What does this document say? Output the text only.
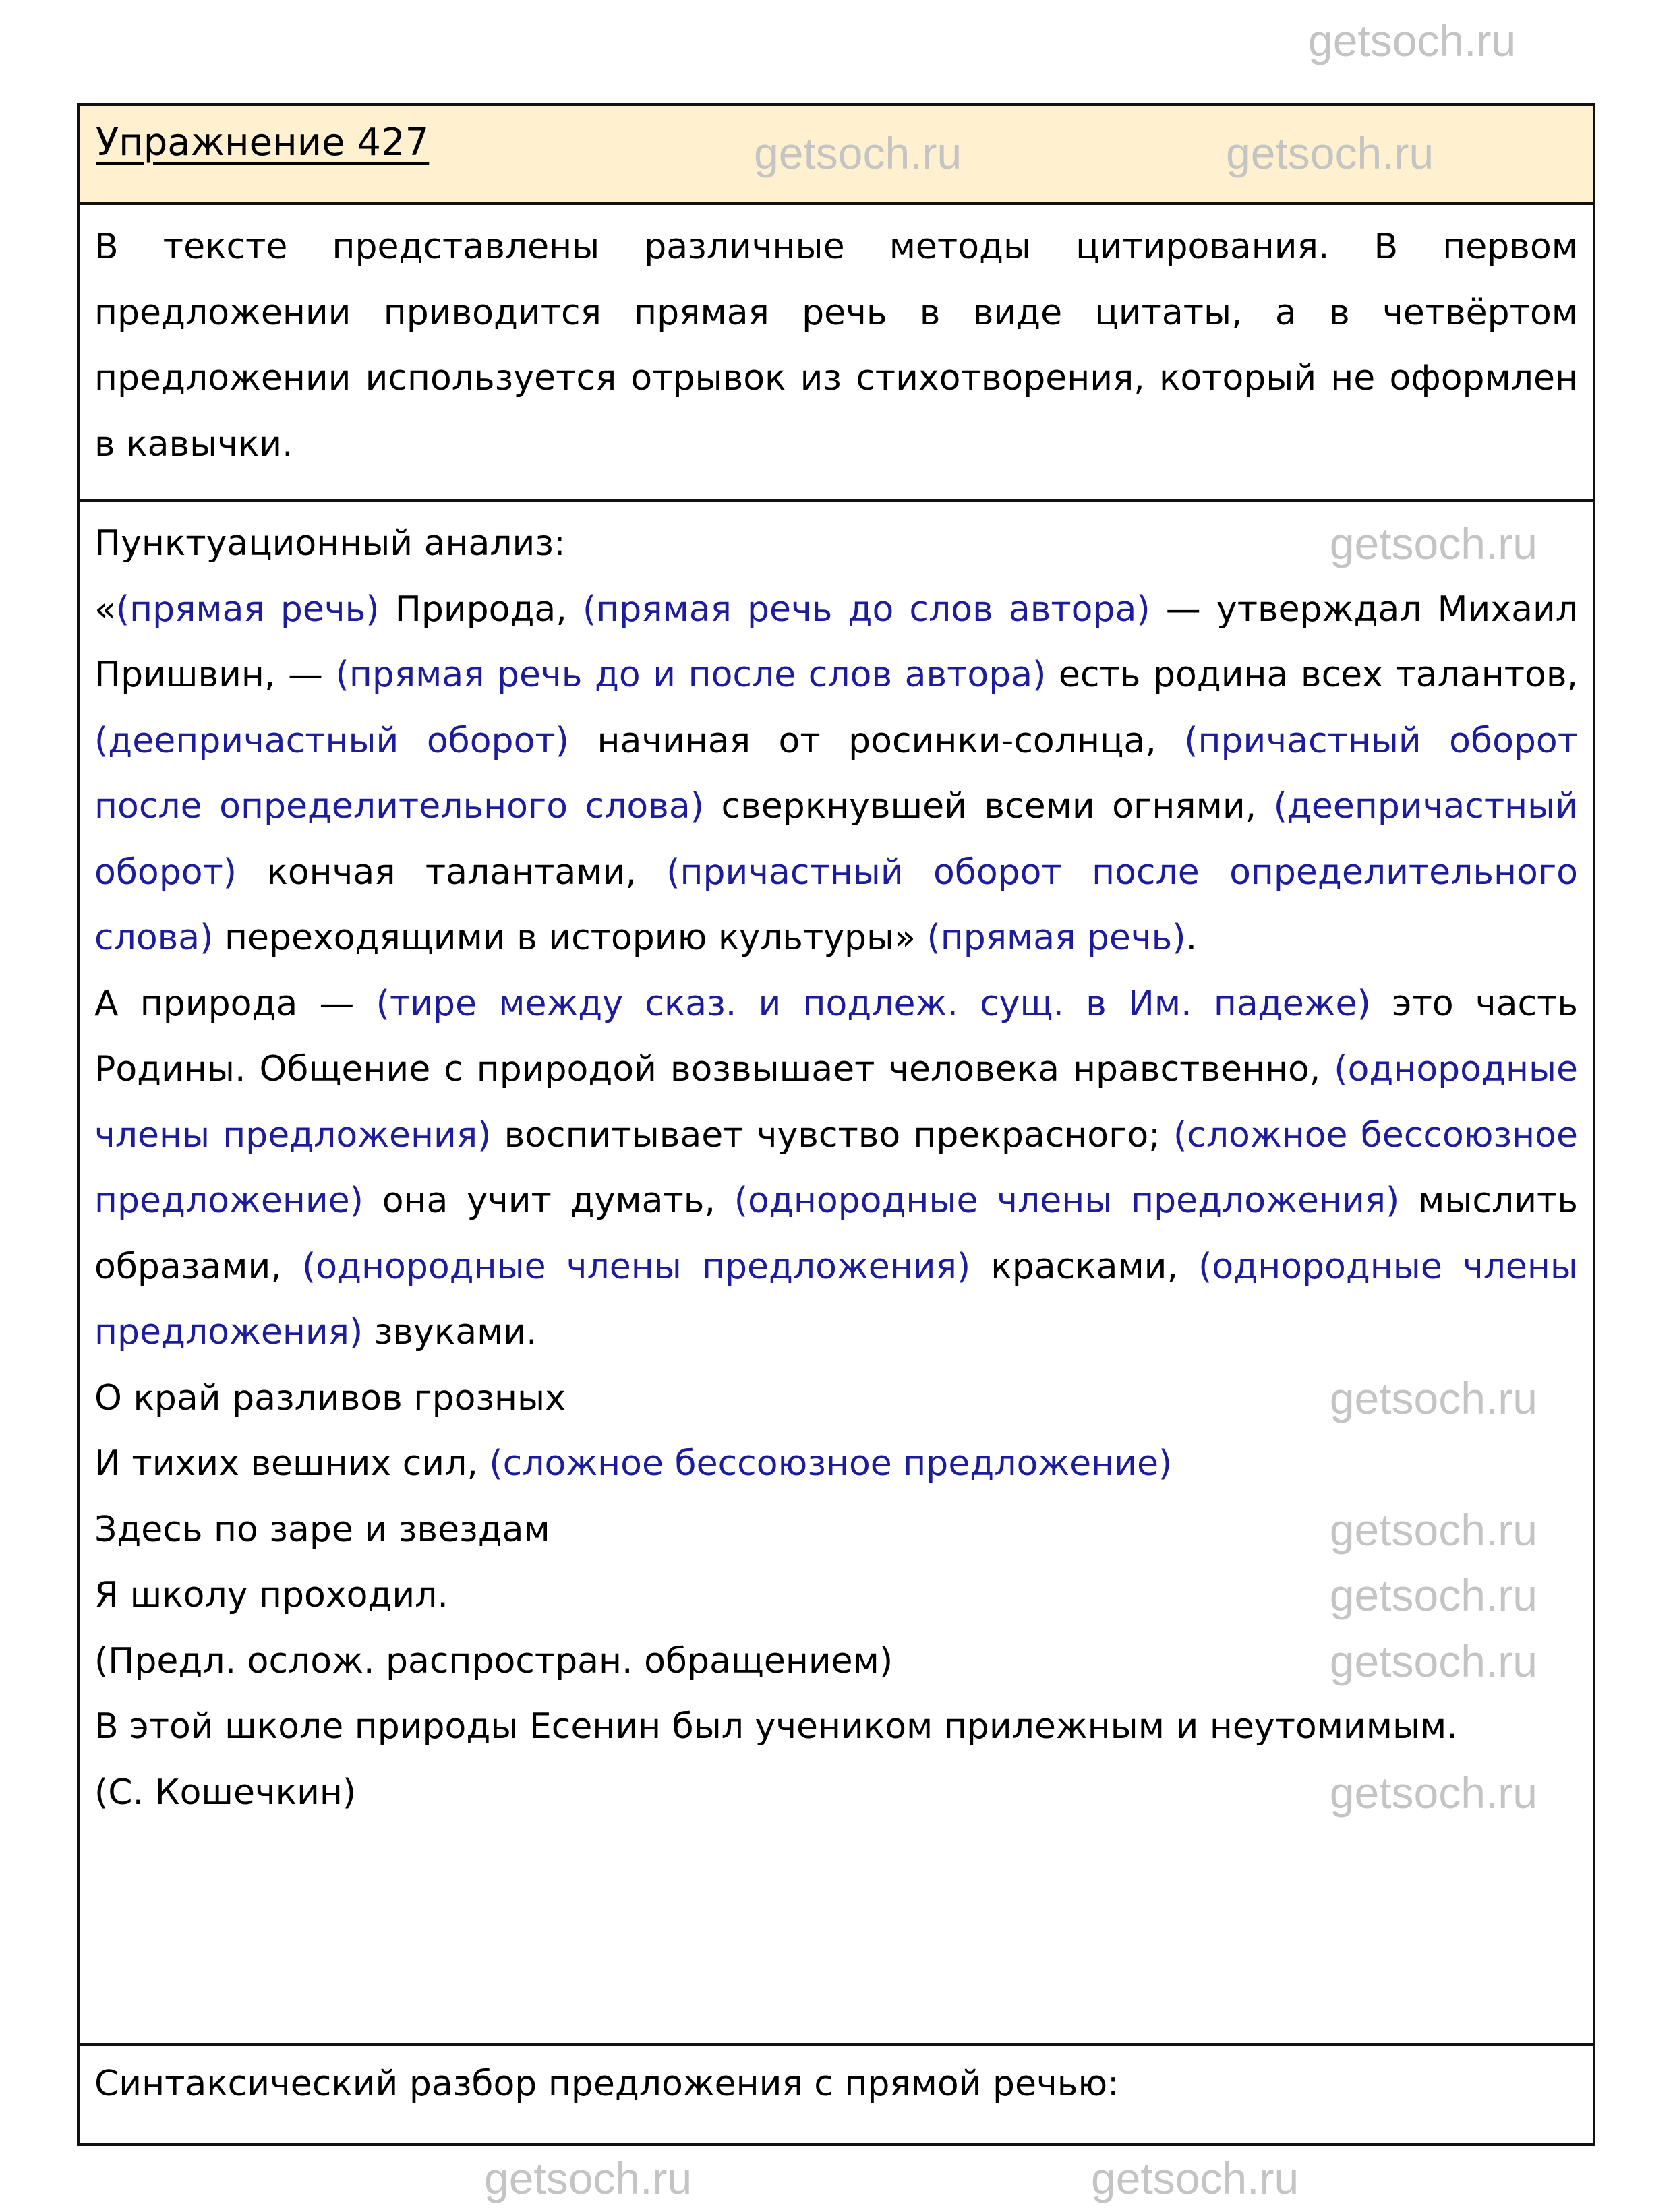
getsoch.ru
Упражнение 427	getsoch.ru	getsoch.ru

В тексте представлены различные методы цитирования. В первом предложении приводится прямая речь в виде цитаты, а в четвёртом предложении используется отрывок из стихотворения, который не оформлен в кавычки.

Пунктуационный анализ:	getsoch.ru

«(прямая речь) Природа, (прямая речь до слов автора) — утверждал Михаил Пришвин, — (прямая речь до и после слов автора) есть родина всех талантов, (деепричастный оборот) начиная от росинки-солнца, (причастный оборот после определительного слова) сверкнувшей всеми огнями, (деепричастный оборот) кончая талантами, (причастный оборот после определительного слова) переходящими в историю культуры» (прямая речь).

А природа — (тире между сказ. и подлеж. сущ. в Им. падеже) это часть Родины. Общение с природой возвышает человека нравственно, (однородные члены предложения) воспитывает чувство прекрасного; (сложное бессоюзное предложение) она учит думать, (однородные члены предложения) мыслить образами, (однородные члены предложения) красками, (однородные члены предложения) звуками.

О край разливов грозных	getsoch.ru

И тихих вешних сил, (сложное бессоюзное предложение)

Здесь по заре и звездам	getsoch.ru

Я школу проходил.	getsoch.ru

(Предл. ослож. распростран. обращением)	getsoch.ru

В этой школе природы Есенин был учеником прилежным и неутомимым.

(С. Кошечкин)	getsoch.ru

Синтаксический разбор предложения с прямой речью:

getsoch.ru	getsoch.ru
